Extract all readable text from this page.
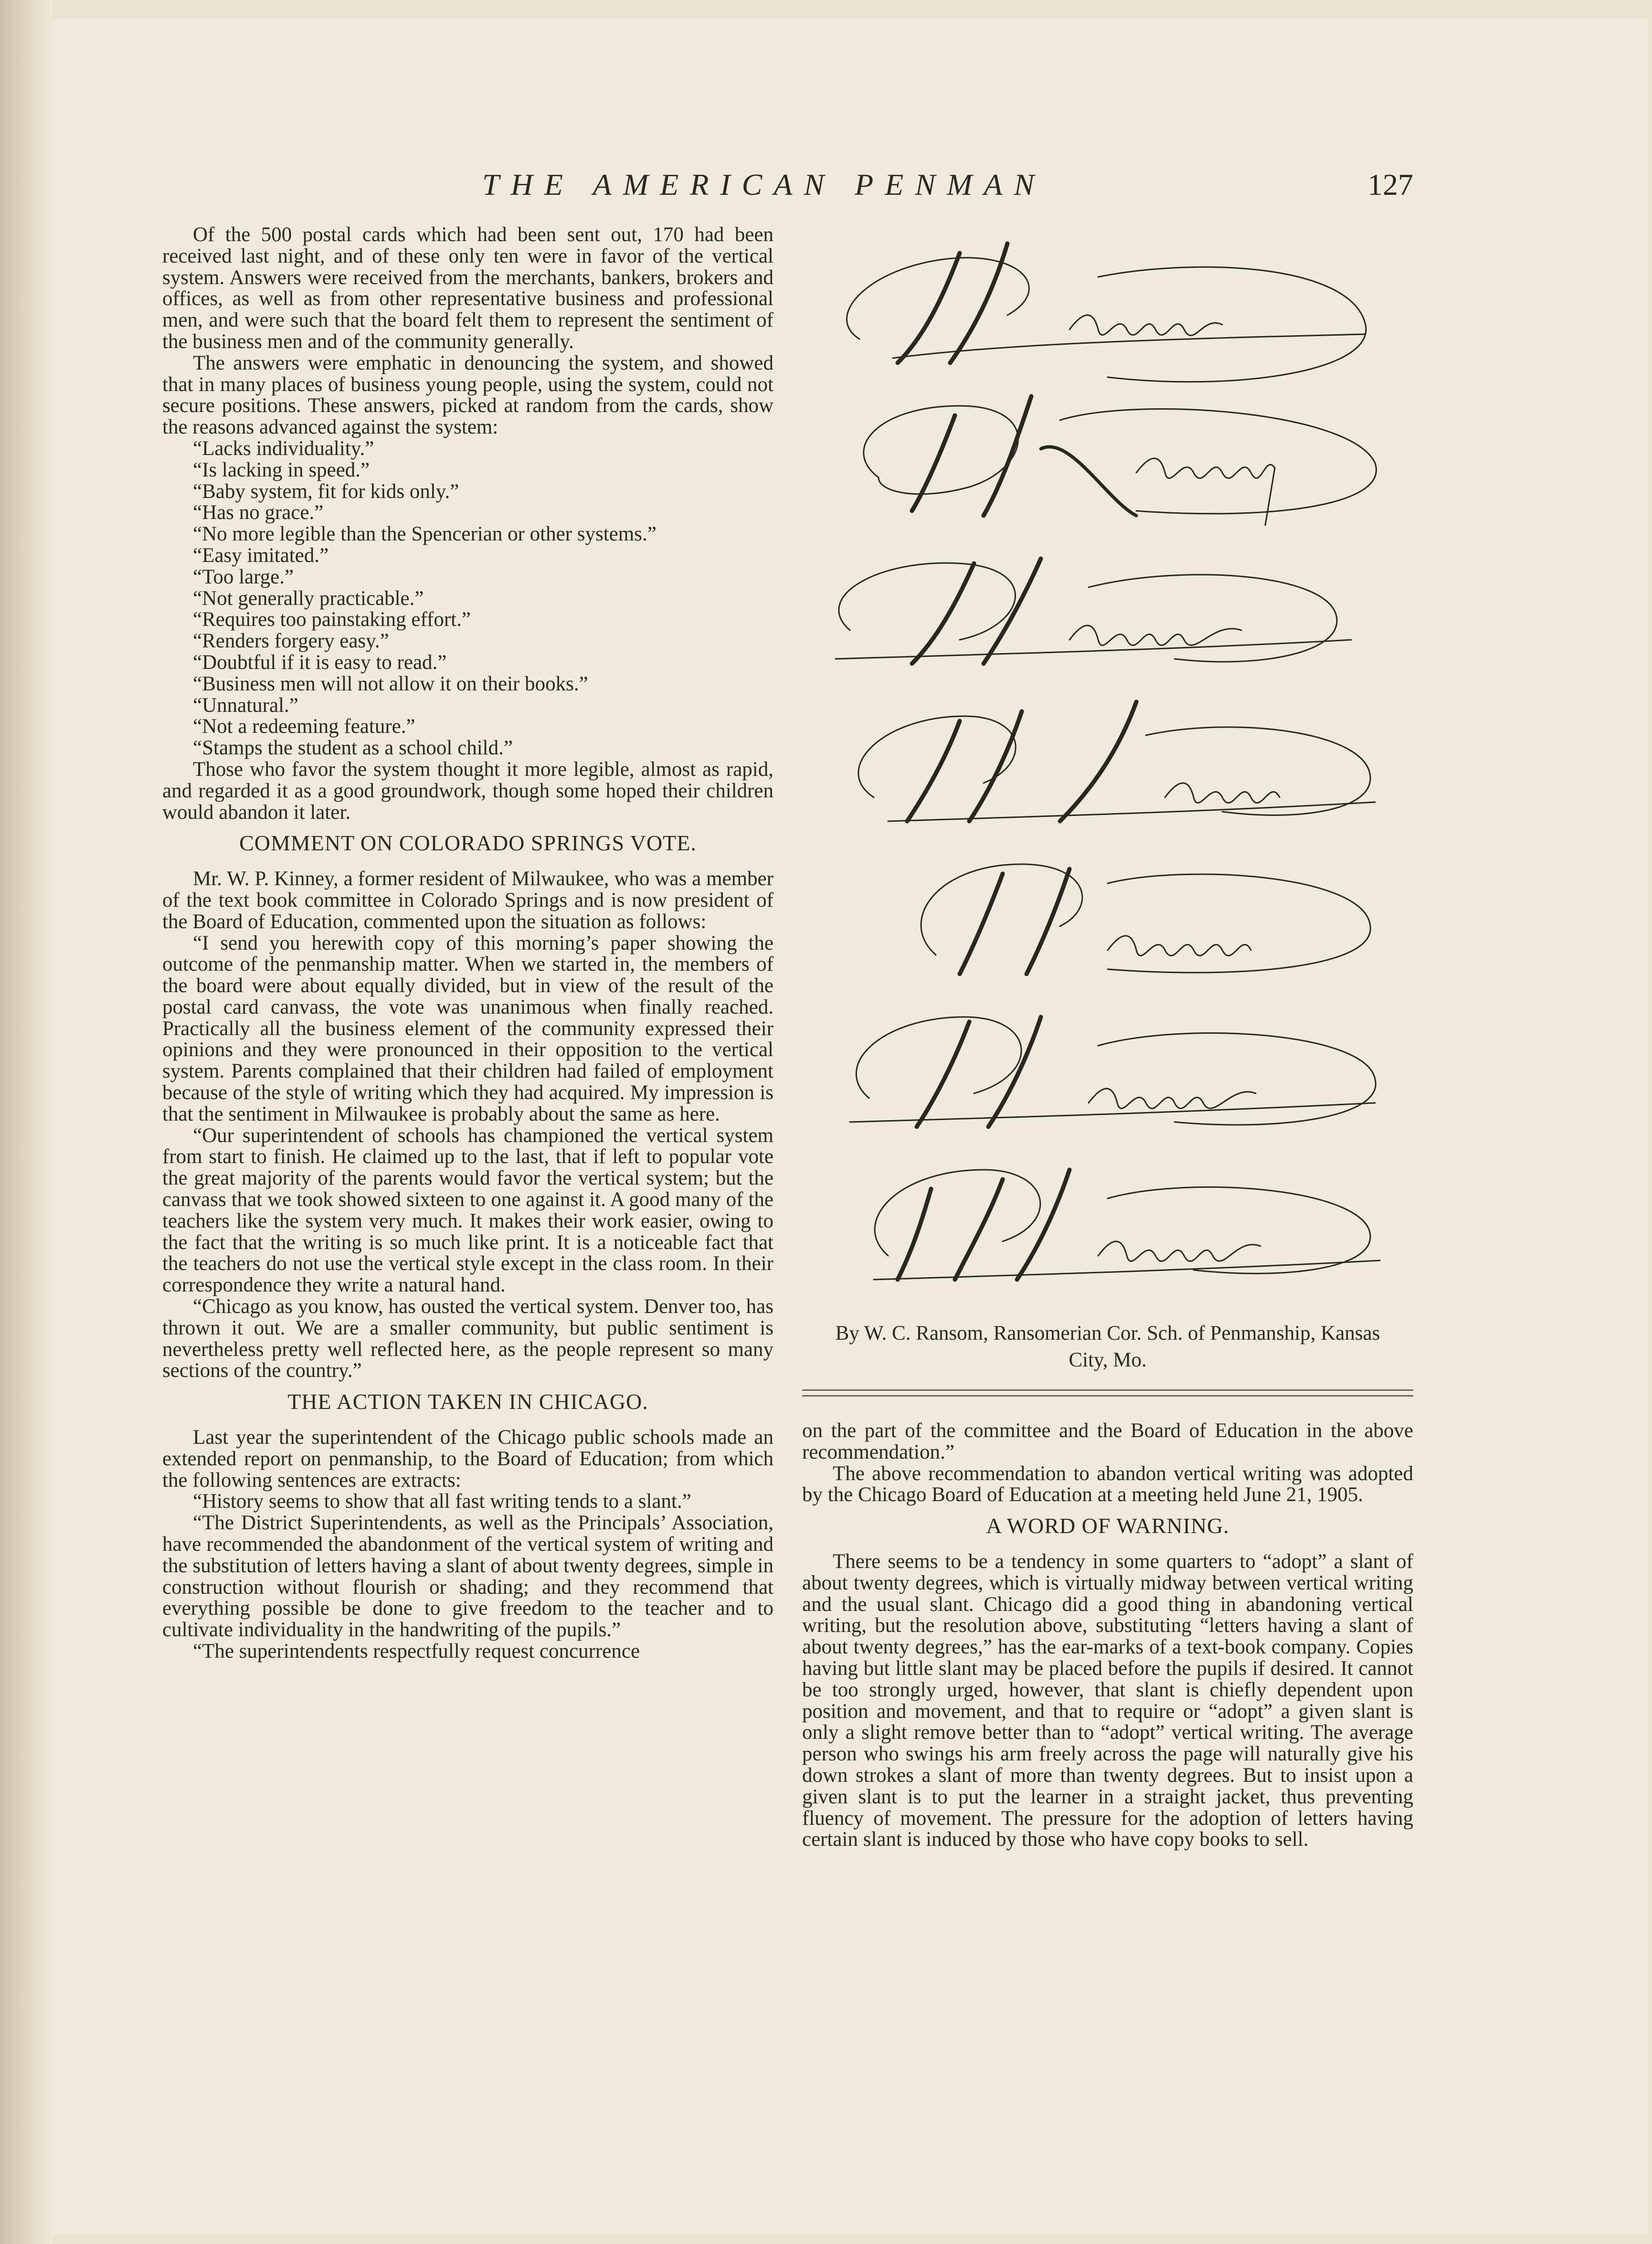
THE AMERICAN PENMAN	127

Of the 500 postal cards which had been sent out, 170 had been received last night, and of these only ten were in favor of the vertical system. Answers were received from the merchants, bankers, brokers and offices, as well as from other representative business and professional men, and were such that the board felt them to represent the sentiment of the business men and of the community generally.

The answers were emphatic in denouncing the system, and showed that in many places of business young people, using the system, could not secure positions. These answers, picked at random from the cards, show the reasons advanced against the system:

“Lacks individuality.”

“Is lacking in speed.”

“Baby system, fit for kids only.”

“Has no grace.”

“No more legible than the Spencerian or other systems.”

“Easy imitated.”

“Too large.”

“Not generally practicable.”

“Requires too painstaking effort.”

“Renders forgery easy.”

“Doubtful if it is easy to read.”

“Business men will not allow it on their books.”

“Unnatural.”

“Not a redeeming feature.”

“Stamps the student as a school child.”

Those who favor the system thought it more legible, almost as rapid, and regarded it as a good groundwork, though some hoped their children would abandon it later.

COMMENT ON COLORADO SPRINGS VOTE.

Mr. W. P. Kinney, a former resident of Milwaukee, who was a member of the text book committee in Colorado Springs and is now president of the Board of Education, commented upon the situation as follows:

“I send you herewith copy of this morning’s paper showing the outcome of the penmanship matter. When we started in, the members of the board were about equally divided, but in view of the result of the postal card canvass, the vote was unanimous when finally reached. Practically all the business element of the community expressed their opinions and they were pronounced in their opposition to the vertical system. Parents complained that their children had failed of employment because of the style of writing which they had acquired. My impression is that the sentiment in Milwaukee is probably about the same as here.

“Our superintendent of schools has championed the vertical system from start to finish. He claimed up to the last, that if left to popular vote the great majority of the parents would favor the vertical system; but the canvass that we took showed sixteen to one against it. A good many of the teachers like the system very much. It makes their work easier, owing to the fact that the writing is so much like print. It is a noticeable fact that the teachers do not use the vertical style except in the class room. In their correspondence they write a natural hand.

“Chicago as you know, has ousted the vertical system. Denver too, has thrown it out. We are a smaller community, but public sentiment is nevertheless pretty well reflected here, as the people represent so many sections of the country.”

THE ACTION TAKEN IN CHICAGO.

Last year the superintendent of the Chicago public schools made an extended report on penmanship, to the Board of Education; from which the following sentences are extracts:

“History seems to show that all fast writing tends to a slant.”

“The District Superintendents, as well as the Principals’ Association, have recommended the abandonment of the vertical system of writing and the substitution of letters having a slant of about twenty degrees, simple in construction without flourish or shading; and they recommend that everything possible be done to give freedom to the teacher and to cultivate individuality in the handwriting of the pupils.”

“The superintendents respectfully request concurrence

By W. C. Ransom, Ransomerian Cor. Sch. of Penmanship, Kansas City, Mo.

on the part of the committee and the Board of Education in the above recommendation.”

The above recommendation to abandon vertical writing was adopted by the Chicago Board of Education at a meeting held June 21, 1905.

A WORD OF WARNING.

There seems to be a tendency in some quarters to “adopt” a slant of about twenty degrees, which is virtually midway between vertical writing and the usual slant. Chicago did a good thing in abandoning vertical writing, but the resolution above, substituting “letters having a slant of about twenty degrees,” has the ear-marks of a text-book company. Copies having but little slant may be placed before the pupils if desired. It cannot be too strongly urged, however, that slant is chiefly dependent upon position and movement, and that to require or “adopt” a given slant is only a slight remove better than to “adopt” vertical writing. The average person who swings his arm freely across the page will naturally give his down strokes a slant of more than twenty degrees. But to insist upon a given slant is to put the learner in a straight jacket, thus preventing fluency of movement. The pressure for the adoption of letters having certain slant is induced by those who have copy books to sell.
